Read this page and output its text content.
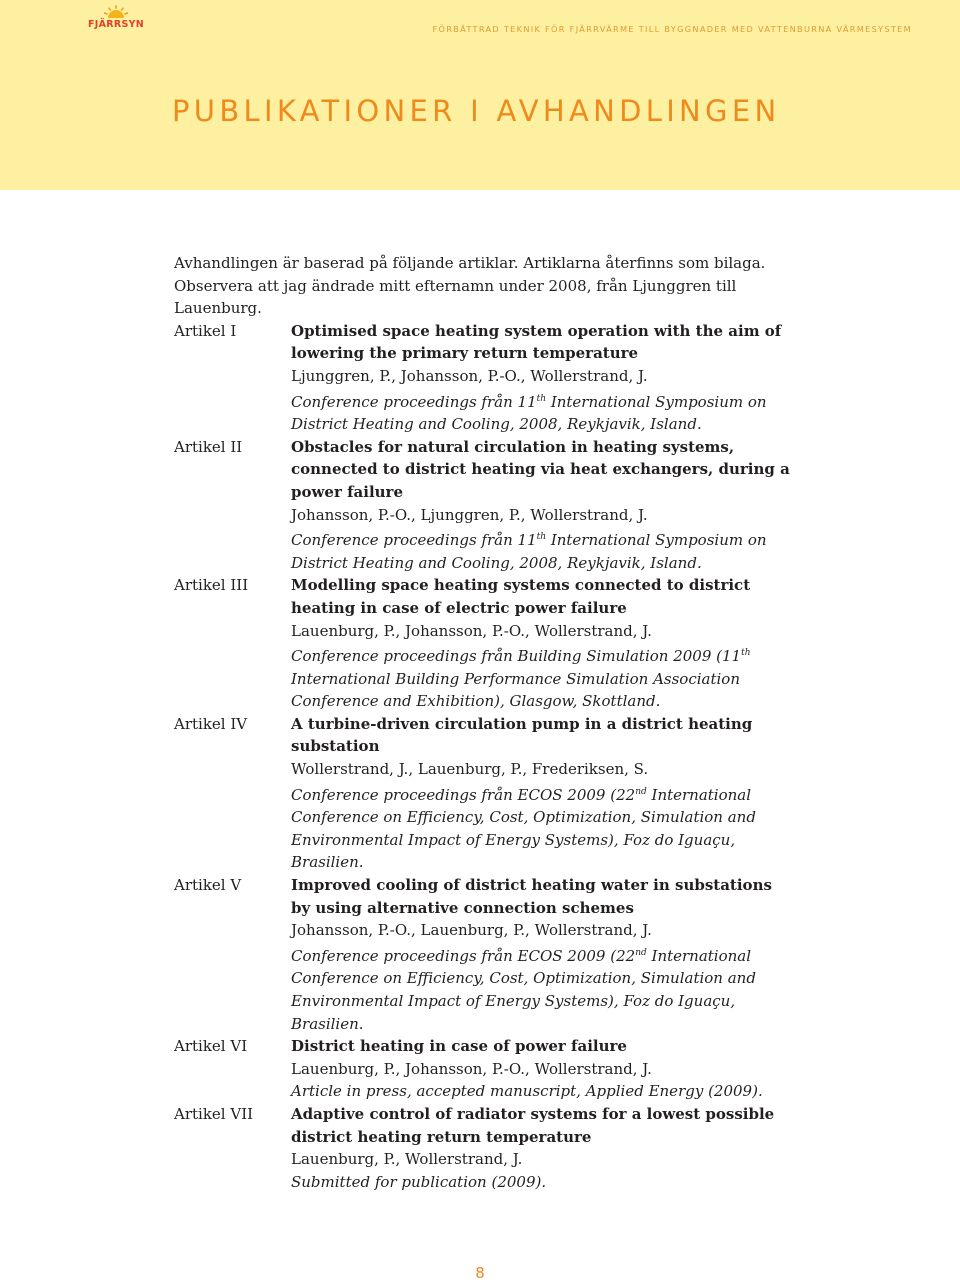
FJÄRRSYN	FÖRBÄTTRAD TEKNIK FÖR FJÄRRVÄRME TILL BYGGNADER MED VATTENBURNA VÄRMESYSTEM
PUBLIKATIONER I AVHANDLINGEN

Avhandlingen är baserad på följande artiklar. Artiklarna återfinns som bilaga. Observera att jag ändrade mitt efternamn under 2008, från Ljunggren till Lauenburg.

Artikel I	Optimised space heating system operation with the aim of lowering the primary return temperature
Ljunggren, P., Johansson, P.-O., Wollerstrand, J.
Conference proceedings från 11th International Symposium on District Heating and Cooling, 2008, Reykjavik, Island.
Artikel II	Obstacles for natural circulation in heating systems, connected to district heating via heat exchangers, during a power failure
Johansson, P.-O., Ljunggren, P., Wollerstrand, J.
Conference proceedings från 11th International Symposium on District Heating and Cooling, 2008, Reykjavik, Island.
Artikel III	Modelling space heating systems connected to district heating in case of electric power failure
Lauenburg, P., Johansson, P.-O., Wollerstrand, J.
Conference proceedings från Building Simulation 2009 (11th International Building Performance Simulation Association Conference and Exhibition), Glasgow, Skottland.
Artikel IV	A turbine-driven circulation pump in a district heating substation
Wollerstrand, J., Lauenburg, P., Frederiksen, S.
Conference proceedings från ECOS 2009 (22nd International Conference on Efficiency, Cost, Optimization, Simulation and Environmental Impact of Energy Systems), Foz do Iguaçu, Brasilien.
Artikel V	Improved cooling of district heating water in substations by using alternative connection schemes
Johansson, P.-O., Lauenburg, P., Wollerstrand, J.
Conference proceedings från ECOS 2009 (22nd International Conference on Efficiency, Cost, Optimization, Simulation and Environmental Impact of Energy Systems), Foz do Iguaçu, Brasilien.
Artikel VI	District heating in case of power failure
Lauenburg, P., Johansson, P.-O., Wollerstrand, J.
Article in press, accepted manuscript, Applied Energy (2009).
Artikel VII	Adaptive control of radiator systems for a lowest possible district heating return temperature
Lauenburg, P., Wollerstrand, J.
Submitted for publication (2009).
8
